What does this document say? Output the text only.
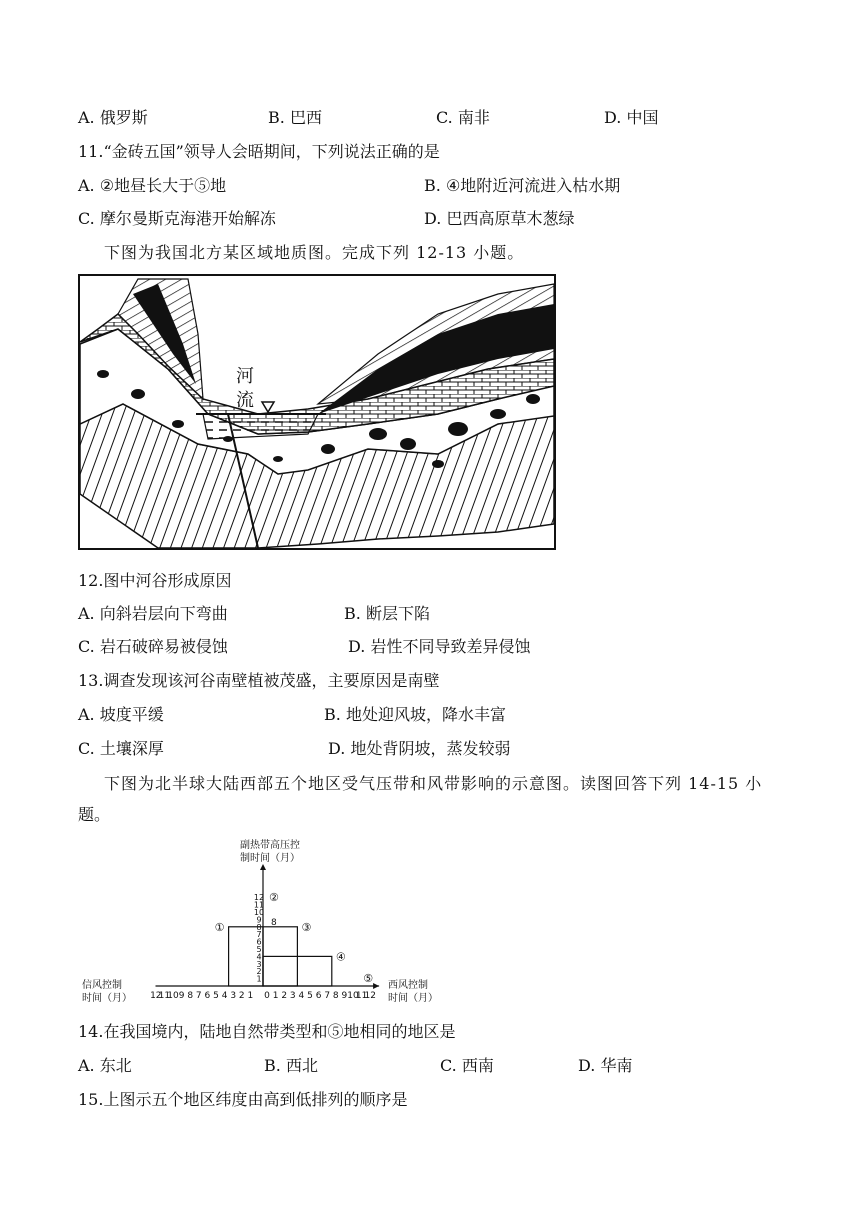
A. 俄罗斯	B. 巴西	C. 南非	D. 中国
11.“金砖五国”领导人会晤期间，下列说法正确的是
A. ②地昼长大于⑤地	B. ④地附近河流进入枯水期
C. 摩尔曼斯克海港开始解冻	D. 巴西高原草木葱绿
下图为我国北方某区域地质图。完成下列 12-13 小题。
河
流
12.图中河谷形成原因
A. 向斜岩层向下弯曲	B. 断层下陷
C. 岩石破碎易被侵蚀	D. 岩性不同导致差异侵蚀
13.调查发现该河谷南壁植被茂盛，主要原因是南壁
A. 坡度平缓	B. 地处迎风坡，降水丰富
C. 土壤深厚	D. 地处背阴坡，蒸发较弱
下图为北半球大陆西部五个地区受气压带和风带影响的示意图。读图回答下列 14-15 小
题。
副热带高压控
制时间（月）
信风控制
时间（月）
西风控制
时间（月）
12
11
10 9 8 7 6 5 4 3 2 1 0 1 2 3 4 5 6 7 8 9 10
11
12
1
2
3
4
5
6
7
8
9
10
11
12 ②
①	③
④
⑤
8
14.在我国境内，陆地自然带类型和⑤地相同的地区是
A. 东北	B. 西北	C. 西南	D. 华南
15.上图示五个地区纬度由高到低排列的顺序是
